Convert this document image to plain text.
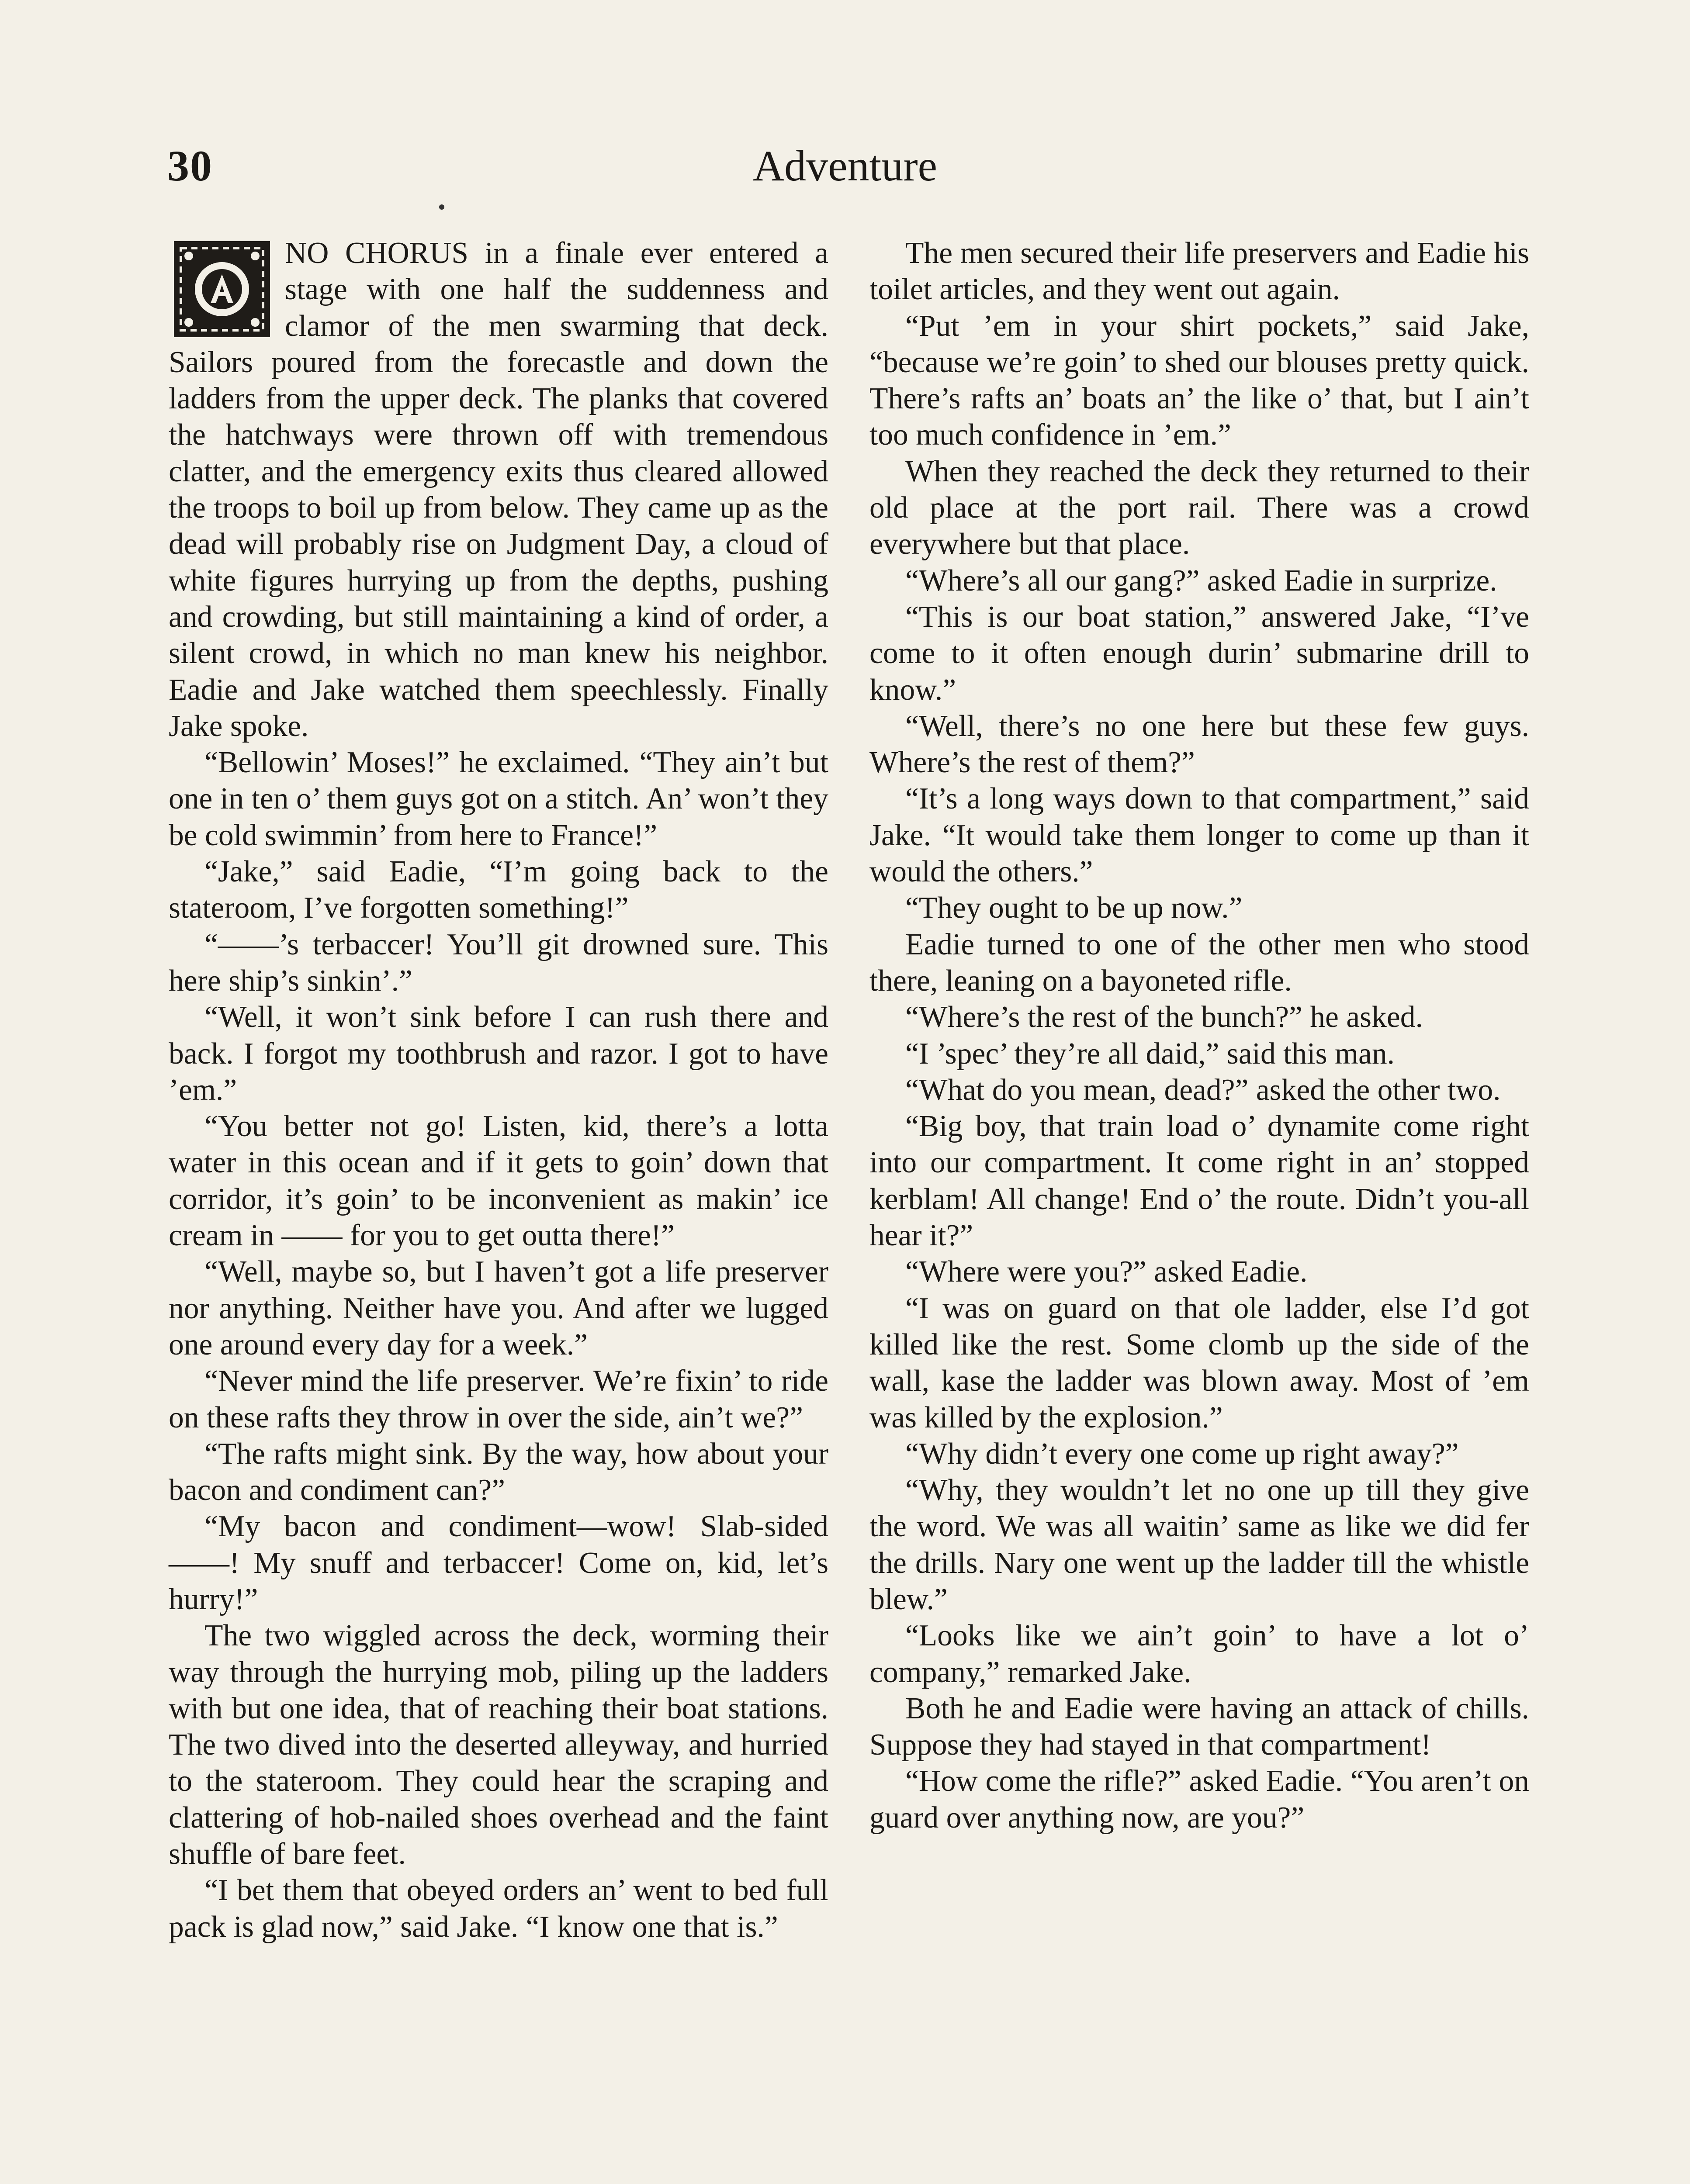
30	Adventure

NO CHORUS in a finale ever entered a stage with one half the suddenness and clamor of the men swarming that deck. Sailors poured from the forecastle and down the ladders from the upper deck. The planks that covered the hatchways were thrown off with tremendous clatter, and the emergency exits thus cleared allowed the troops to boil up from below. They came up as the dead will probably rise on Judgment Day, a cloud of white figures hurrying up from the depths, pushing and crowding, but still maintaining a kind of order, a silent crowd, in which no man knew his neighbor. Eadie and Jake watched them speechlessly. Finally Jake spoke.

“Bellowin’ Moses!” he exclaimed. “They ain’t but one in ten o’ them guys got on a stitch. An’ won’t they be cold swimmin’ from here to France!”

“Jake,” said Eadie, “I’m going back to the stateroom, I’ve forgotten something!”

“——’s terbaccer! You’ll git drowned sure. This here ship’s sinkin’.”

“Well, it won’t sink before I can rush there and back. I forgot my toothbrush and razor. I got to have ’em.”

“You better not go! Listen, kid, there’s a lotta water in this ocean and if it gets to goin’ down that corridor, it’s goin’ to be inconvenient as makin’ ice cream in —— for you to get outta there!”

“Well, maybe so, but I haven’t got a life preserver nor anything. Neither have you. And after we lugged one around every day for a week.”

“Never mind the life preserver. We’re fixin’ to ride on these rafts they throw in over the side, ain’t we?”

“The rafts might sink. By the way, how about your bacon and condiment can?”

“My bacon and condiment—wow! Slab-sided ——! My snuff and terbaccer! Come on, kid, let’s hurry!”

The two wiggled across the deck, worming their way through the hurrying mob, piling up the ladders with but one idea, that of reaching their boat stations. The two dived into the deserted alleyway, and hurried to the stateroom. They could hear the scraping and clattering of hob-nailed shoes overhead and the faint shuffle of bare feet.

“I bet them that obeyed orders an’ went to bed full pack is glad now,” said Jake. “I know one that is.”

The men secured their life preservers and Eadie his toilet articles, and they went out again.

“Put ’em in your shirt pockets,” said Jake, “because we’re goin’ to shed our blouses pretty quick. There’s rafts an’ boats an’ the like o’ that, but I ain’t too much confidence in ’em.”

When they reached the deck they returned to their old place at the port rail. There was a crowd everywhere but that place.

“Where’s all our gang?” asked Eadie in surprize.

“This is our boat station,” answered Jake, “I’ve come to it often enough durin’ submarine drill to know.”

“Well, there’s no one here but these few guys. Where’s the rest of them?”

“It’s a long ways down to that compartment,” said Jake. “It would take them longer to come up than it would the others.”

“They ought to be up now.”

Eadie turned to one of the other men who stood there, leaning on a bayoneted rifle.

“Where’s the rest of the bunch?” he asked.

“I ’spec’ they’re all daid,” said this man.

“What do you mean, dead?” asked the other two.

“Big boy, that train load o’ dynamite come right into our compartment. It come right in an’ stopped kerblam! All change! End o’ the route. Didn’t you-all hear it?”

“Where were you?” asked Eadie.

“I was on guard on that ole ladder, else I’d got killed like the rest. Some clomb up the side of the wall, kase the ladder was blown away. Most of ’em was killed by the explosion.”

“Why didn’t every one come up right away?”

“Why, they wouldn’t let no one up till they give the word. We was all waitin’ same as like we did fer the drills. Nary one went up the ladder till the whistle blew.”

“Looks like we ain’t goin’ to have a lot o’ company,” remarked Jake.

Both he and Eadie were having an attack of chills. Suppose they had stayed in that compartment!

“How come the rifle?” asked Eadie. “You aren’t on guard over anything now, are you?”
